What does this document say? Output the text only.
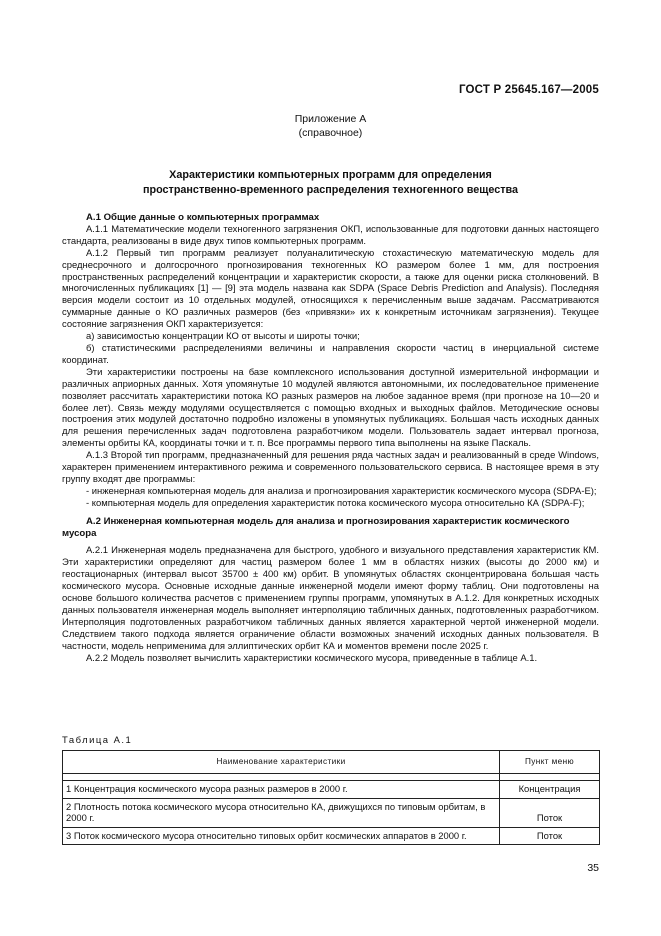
ГОСТ Р 25645.167—2005
Приложение А
(справочное)
Характеристики компьютерных программ для определения
пространственно-временного распределения техногенного вещества
А.1 Общие данные о компьютерных программах

А.1.1 Математические модели техногенного загрязнения ОКП, использованные для подготовки данных настоящего стандарта, реализованы в виде двух типов компьютерных программ.

А.1.2 Первый тип программ реализует полуаналитическую стохастическую математическую модель для среднесрочного и долгосрочного прогнозирования техногенных КО размером более 1 мм, для построения пространственных распределений концентрации и характеристик скорости, а также для оценки риска столкновений. В многочисленных публикациях [1] — [9] эта модель названа как SDPA (Space Debris Prediction and Analysis). Последняя версия модели состоит из 10 отдельных модулей, относящихся к перечисленным выше задачам. Рассматриваются суммарные данные о КО различных размеров (без «привязки» их к конкретным источникам загрязнения). Текущее состояние загрязнения ОКП характеризуется:

а) зависимостью концентрации КО от высоты и широты точки;

б) статистическими распределениями величины и направления скорости частиц в инерциальной системе координат.

Эти характеристики построены на базе комплексного использования доступной измерительной информации и различных априорных данных. Хотя упомянутые 10 модулей являются автономными, их последовательное применение позволяет рассчитать характеристики потока КО разных размеров на любое заданное время (при прогнозе на 10—20 и более лет). Связь между модулями осуществляется с помощью входных и выходных файлов. Методические основы построения этих модулей достаточно подробно изложены в упомянутых публикациях. Большая часть исходных данных для решения перечисленных задач подготовлена разработчиком модели. Пользователь задает интервал прогноза, элементы орбиты КА, координаты точки и т. п. Все программы первого типа выполнены на языке Паскаль.

А.1.3 Второй тип программ, предназначенный для решения ряда частных задач и реализованный в среде Windows, характерен применением интерактивного режима и современного пользовательского сервиса. В настоящее время в эту группу входят две программы:

- инженерная компьютерная модель для анализа и прогнозирования характеристик космического мусора (SDPA-E);

- компьютерная модель для определения характеристик потока космического мусора относительно КА (SDPA-F);

А.2 Инженерная компьютерная модель для анализа и прогнозирования характеристик космического мусора

А.2.1 Инженерная модель предназначена для быстрого, удобного и визуального представления характеристик КМ. Эти характеристики определяют для частиц размером более 1 мм в областях низких (высоты до 2000 км) и геостационарных (интервал высот 35700 ± 400 км) орбит. В упомянутых областях сконцентрирована большая часть космического мусора. Основные исходные данные инженерной модели имеют форму таблиц. Они подготовлены на основе большого количества расчетов с применением группы программ, упомянутых в А.1.2. Для конкретных исходных данных пользователя инженерная модель выполняет интерполяцию табличных данных, подготовленных разработчиком. Интерполяция подготовленных разработчиком табличных данных является характерной чертой инженерной модели. Следствием такого подхода является ограничение области возможных значений исходных данных пользователя. В частности, модель неприменима для эллиптических орбит КА и моментов времени после 2025 г.

А.2.2 Модель позволяет вычислить характеристики космического мусора, приведенные в таблице А.1.

Таблица А.1
Наименование характеристики	Пункт меню

1 Концентрация космического мусора разных размеров в 2000 г.	Концентрация
2 Плотность потока космического мусора относительно КА, движущихся по типовым орбитам, в 2000 г.	Поток
3 Поток космического мусора относительно типовых орбит космических аппаратов в 2000 г.	Поток
35
